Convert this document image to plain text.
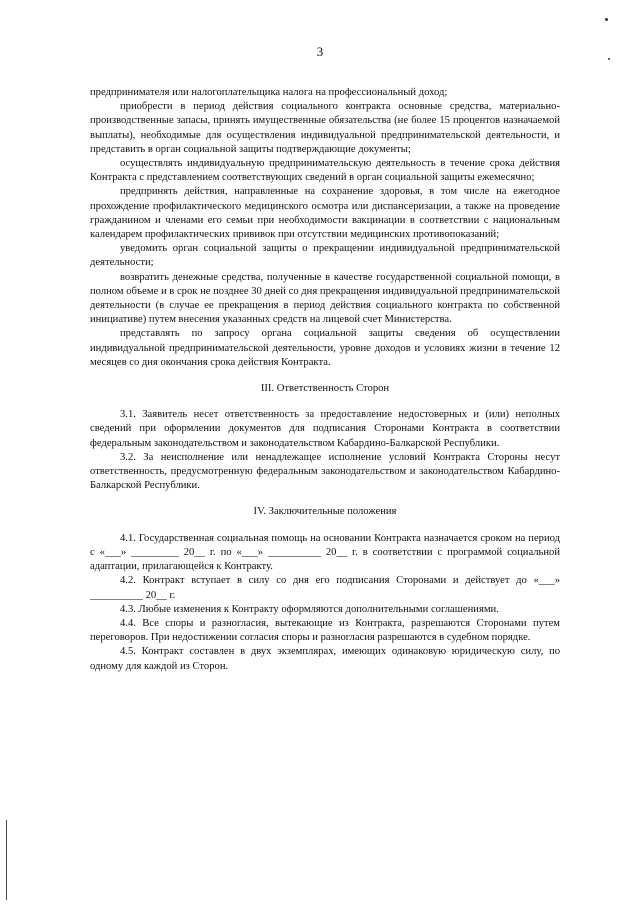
3

предпринимателя или налогоплательщика налога на профессиональный доход;

приобрести в период действия социального контракта основные средства, материально-производственные запасы, принять имущественные обязательства (не более 15 процентов назначаемой выплаты), необходимые для осуществления индивидуальной предпринимательской деятельности, и представить в орган социальной защиты подтверждающие документы;

осуществлять индивидуальную предпринимательскую деятельность в течение срока действия Контракта с представлением соответствующих сведений в орган социальной защиты ежемесячно;

предпринять действия, направленные на сохранение здоровья, в том числе на ежегодное прохождение профилактического медицинского осмотра или диспансеризации, а также на проведение гражданином и членами его семьи при необходимости вакцинации в соответствии с национальным календарем профилактических прививок при отсутствии медицинских противопоказаний;

уведомить орган социальной защиты о прекращении индивидуальной предпринимательской деятельности;

возвратить денежные средства, полученные в качестве государственной социальной помощи, в полном объеме и в срок не позднее 30 дней со дня прекращения индивидуальной предпринимательской деятельности (в случае ее прекращения в период действия социального контракта по собственной инициативе) путем внесения указанных средств на лицевой счет Министерства.

представлять по запросу органа социальной защиты сведения об осуществлении индивидуальной предпринимательской деятельности, уровне доходов и условиях жизни в течение 12 месяцев со дня окончания срока действия Контракта.

III. Ответственность Сторон

3.1. Заявитель несет ответственность за предоставление недостоверных и (или) неполных сведений при оформлении документов для подписания Сторонами Контракта в соответствии федеральным законодательством и законодательством Кабардино-Балкарской Республики.

3.2. За неисполнение или ненадлежащее исполнение условий Контракта Стороны несут ответственность, предусмотренную федеральным законодательством и законодательством Кабардино-Балкарской Республики.

IV. Заключительные положения

4.1. Государственная социальная помощь на основании Контракта назначается сроком на период с «___» _________ 20__ г. по «___» __________ 20__ г. в соответствии с программой социальной адаптации, прилагающейся к Контракту.

4.2. Контракт вступает в силу со дня его подписания Сторонами и действует до «___» __________ 20__ г.

4.3. Любые изменения к Контракту оформляются дополнительными соглашениями.

4.4. Все споры и разногласия, вытекающие из Контракта, разрешаются Сторонами путем переговоров. При недостижении согласия споры и разногласия разрешаются в судебном порядке.

4.5. Контракт составлен в двух экземплярах, имеющих одинаковую юридическую силу, по одному для каждой из Сторон.
